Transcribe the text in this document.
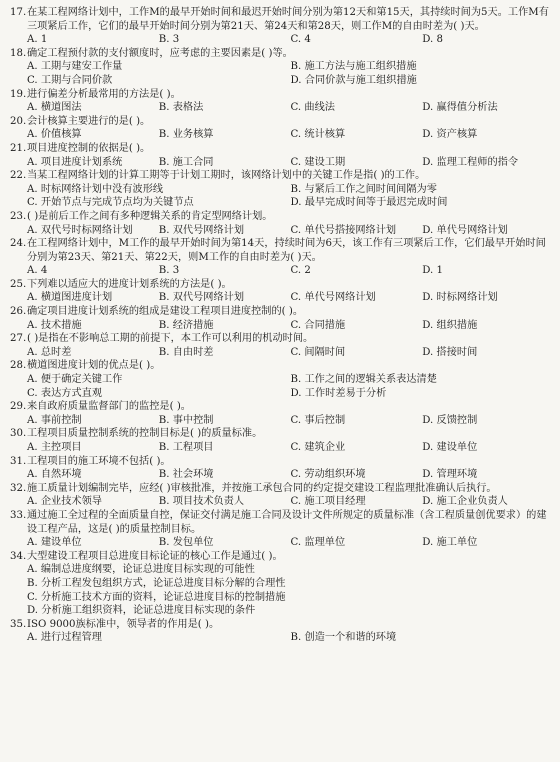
17. 在某工程网络计划中，工作M的最早开始时间和最迟开始时间分别为第12天和第15天，其持续时间为5天。工作M有三项紧后工作，它们的最早开始时间分别为第21天、第24天和第28天，则工作M的自由时差为( )天。
A. 1	B. 3	C. 4	D. 8
18. 确定工程预付款的支付额度时，应考虑的主要因素是( )等。
A. 工期与建安工作量	B. 施工方法与施工组织措施
C. 工期与合同价款	D. 合同价款与施工组织措施
19. 进行偏差分析最常用的方法是( )。
A. 横道图法	B. 表格法	C. 曲线法	D. 赢得值分析法
20. 会计核算主要进行的是( )。
A. 价值核算	B. 业务核算	C. 统计核算	D. 资产核算
21. 项目进度控制的依据是( )。
A. 项目进度计划系统	B. 施工合同	C. 建设工期	D. 监理工程师的指令
22. 当某工程网络计划的计算工期等于计划工期时，该网络计划中的关键工作是指( )的工作。
A. 时标网络计划中没有波形线	B. 与紧后工作之间时间间隔为零
C. 开始节点与完成节点均为关键节点	D. 最早完成时间等于最迟完成时间
23. ( )是前后工作之间有多种逻辑关系的肯定型网络计划。
A. 双代号时标网络计划	B. 双代号网络计划	C. 单代号搭接网络计划	D. 单代号网络计划
24. 在工程网络计划中，M工作的最早开始时间为第14天，持续时间为6天，该工作有三项紧后工作，它们最早开始时间分别为第23天、第21天、第22天，则M工作的自由时差为( )天。
A. 4	B. 3	C. 2	D. 1
25. 下列难以适应大的进度计划系统的方法是( )。
A. 横道图进度计划	B. 双代号网络计划	C. 单代号网络计划	D. 时标网络计划
26. 确定项目进度计划系统的组成是建设工程项目进度控制的( )。
A. 技术措施	B. 经济措施	C. 合同措施	D. 组织措施
27. ( )是指在不影响总工期的前提下，本工作可以利用的机动时间。
A. 总时差	B. 自由时差	C. 间隔时间	D. 搭接时间
28. 横道图进度计划的优点是( )。
A. 便于确定关键工作	B. 工作之间的逻辑关系表达清楚
C. 表达方式直观	D. 工作时差易于分析
29. 来自政府质量监督部门的监控是( )。
A. 事前控制	B. 事中控制	C. 事后控制	D. 反馈控制
30. 工程项目质量控制系统的控制目标是( )的质量标准。
A. 主控项目	B. 工程项目	C. 建筑企业	D. 建设单位
31. 工程项目的施工环境不包括( )。
A. 自然环境	B. 社会环境	C. 劳动组织环境	D. 管理环境
32. 施工质量计划编制完毕，应经( )审核批准，并按施工承包合同的约定提交建设工程监理批准确认后执行。
A. 企业技术领导	B. 项目技术负责人	C. 施工项目经理	D. 施工企业负责人
33. 通过施工全过程的全面质量自控，保证交付满足施工合同及设计文件所规定的质量标准（含工程质量创优要求）的建设工程产品，这是( )的质量控制目标。
A. 建设单位	B. 发包单位	C. 监理单位	D. 施工单位
34. 大型建设工程项目总进度目标论证的核心工作是通过( )。
A. 编制总进度纲要，论证总进度目标实现的可能性
B. 分析工程发包组织方式，论证总进度目标分解的合理性
C. 分析施工技术方面的资料，论证总进度目标的控制措施
D. 分析施工组织资料，论证总进度目标实现的条件
35. ISO 9000族标准中，领导者的作用是( )。
A. 进行过程管理	B. 创造一个和谐的环境
